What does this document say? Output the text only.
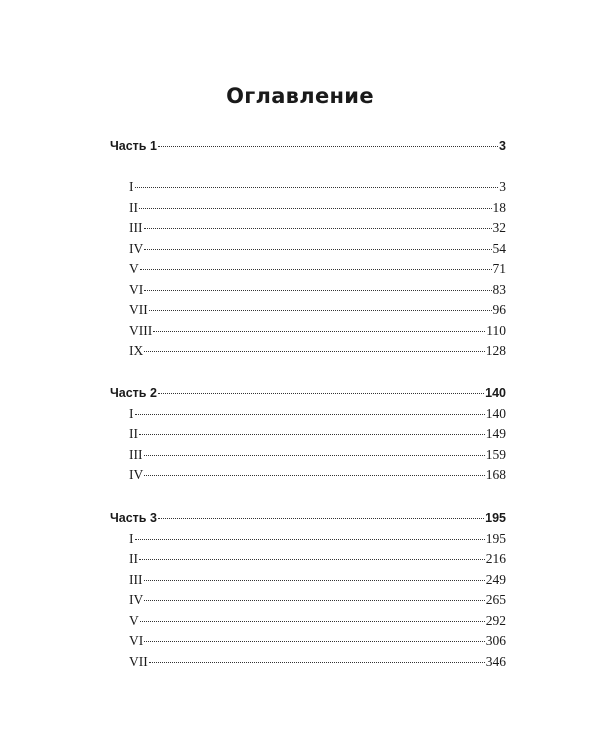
Оглавление
Часть 1	3
I	3
II	18
III	32
IV	54
V	71
VI	83
VII	96
VIII	110
IX	128
Часть 2	140
I	140
II	149
III	159
IV	168
Часть 3	195
I	195
II	216
III	249
IV	265
V	292
VI	306
VII	346
